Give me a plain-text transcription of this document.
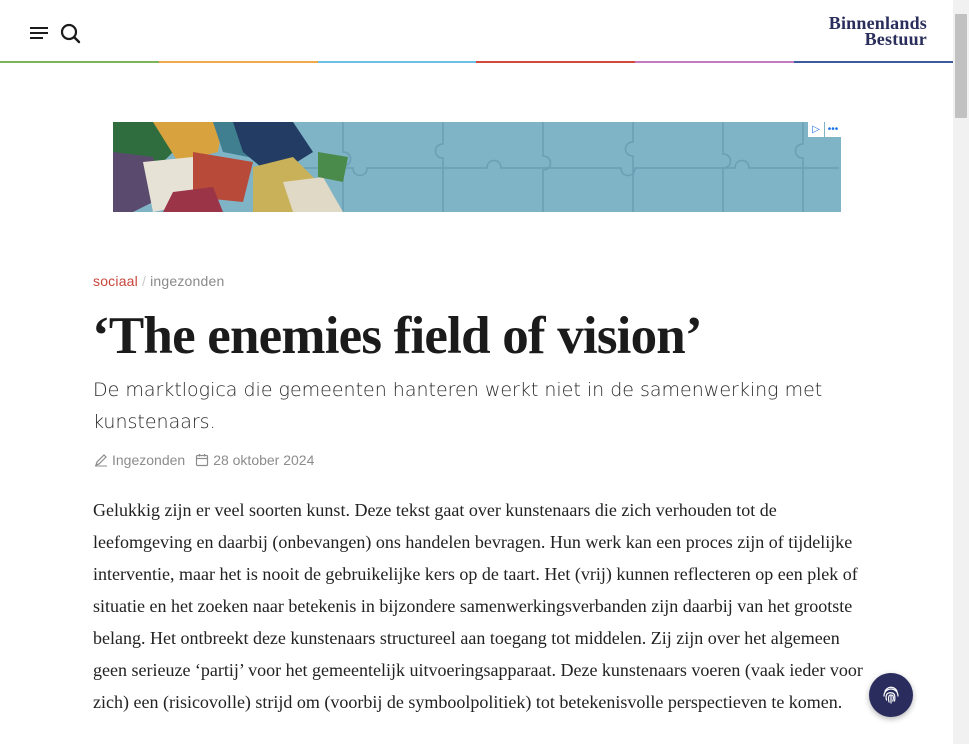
Binnenlands
Bestuur
▷ •••
sociaal / ingezonden
‘The enemies field of vision’

De marktlogica die gemeenten hanteren werkt niet in de samenwerking met kunstenaars.

Ingezonden 28 oktober 2024

Gelukkig zijn er veel soorten kunst. Deze tekst gaat over kunstenaars die zich verhouden tot de leefomgeving en daarbij (onbevangen) ons handelen bevragen. Hun werk kan een proces zijn of tijdelijke interventie, maar het is nooit de gebruikelijke kers op de taart. Het (vrij) kunnen reflecteren op een plek of situatie en het zoeken naar betekenis in bijzondere samenwerkingsverbanden zijn daarbij van het grootste belang. Het ontbreekt deze kunstenaars structureel aan toegang tot middelen. Zij zijn over het algemeen geen serieuze ‘partij’ voor het gemeentelijk uitvoeringsapparaat. Deze kunstenaars voeren (vaak ieder voor zich) een (risicovolle) strijd om (voorbij de symboolpolitiek) tot betekenisvolle perspectieven te komen.
